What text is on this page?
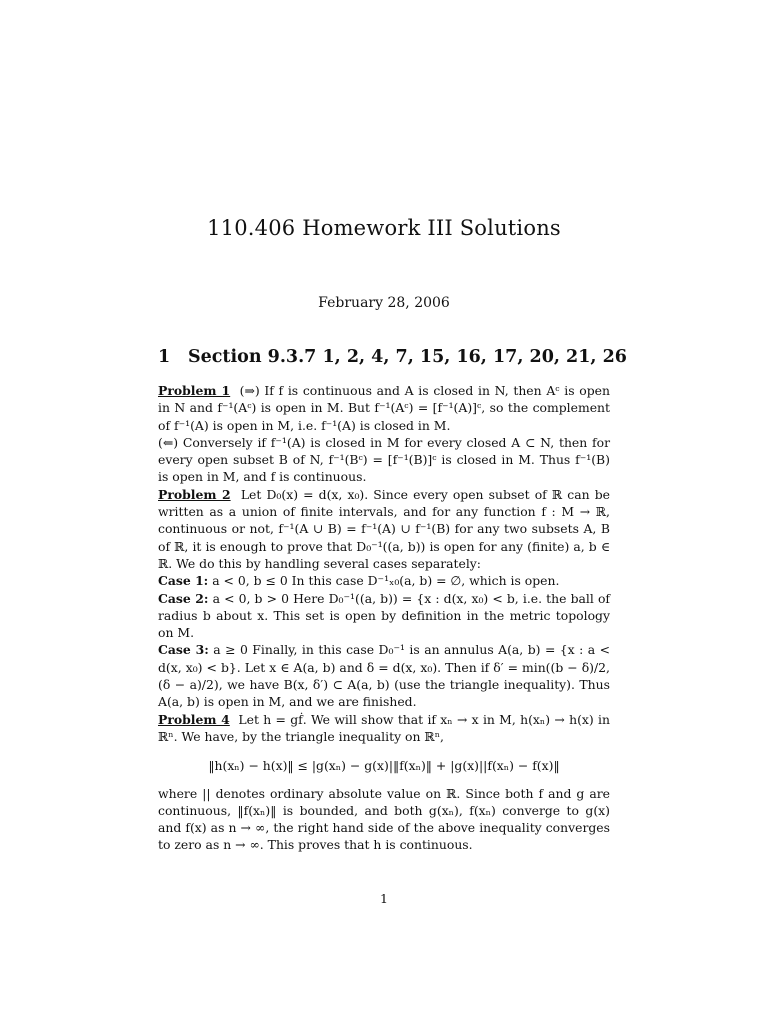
110.406 Homework III Solutions
February 28, 2006
1 Section 9.3.7 1, 2, 4, 7, 15, 16, 17, 20, 21, 26

Problem 1 (⇒) If f is continuous and A is closed in N, then Aᶜ is open in N and f⁻¹(Aᶜ) is open in M. But f⁻¹(Aᶜ) = [f⁻¹(A)]ᶜ, so the complement of f⁻¹(A) is open in M, i.e. f⁻¹(A) is closed in M.

(⇐) Conversely if f⁻¹(A) is closed in M for every closed A ⊂ N, then for every open subset B of N, f⁻¹(Bᶜ) = [f⁻¹(B)]ᶜ is closed in M. Thus f⁻¹(B) is open in M, and f is continuous.

Problem 2 Let D₀(x) = d(x, x₀). Since every open subset of ℝ can be written as a union of finite intervals, and for any function f : M → ℝ, continuous or not, f⁻¹(A ∪ B) = f⁻¹(A) ∪ f⁻¹(B) for any two subsets A, B of ℝ, it is enough to prove that D₀⁻¹((a, b)) is open for any (finite) a, b ∈ ℝ. We do this by handling several cases separately:

Case 1: a < 0, b ≤ 0 In this case D⁻¹ₓ₀(a, b) = ∅, which is open.

Case 2: a < 0, b > 0 Here D₀⁻¹((a, b)) = {x : d(x, x₀) < b, i.e. the ball of radius b about x. This set is open by definition in the metric topology on M.

Case 3: a ≥ 0 Finally, in this case D₀⁻¹ is an annulus A(a, b) = {x : a < d(x, x₀) < b}. Let x ∈ A(a, b) and δ = d(x, x₀). Then if δ′ = min((b − δ)/2, (δ − a)/2), we have B(x, δ′) ⊂ A(a, b) (use the triangle inequality). Thus A(a, b) is open in M, and we are finished.

Problem 4 Let h = gḟ. We will show that if xₙ → x in M, h(xₙ) → h(x) in ℝⁿ. We have, by the triangle inequality on ℝⁿ,

‖h(xₙ) − h(x)‖ ≤ |g(xₙ) − g(x)|‖f(xₙ)‖ + |g(x)||f(xₙ) − f(x)‖

where || denotes ordinary absolute value on ℝ. Since both f and g are continuous, ‖f(xₙ)‖ is bounded, and both g(xₙ), f(xₙ) converge to g(x) and f(x) as n → ∞, the right hand side of the above inequality converges to zero as n → ∞. This proves that h is continuous.

1
